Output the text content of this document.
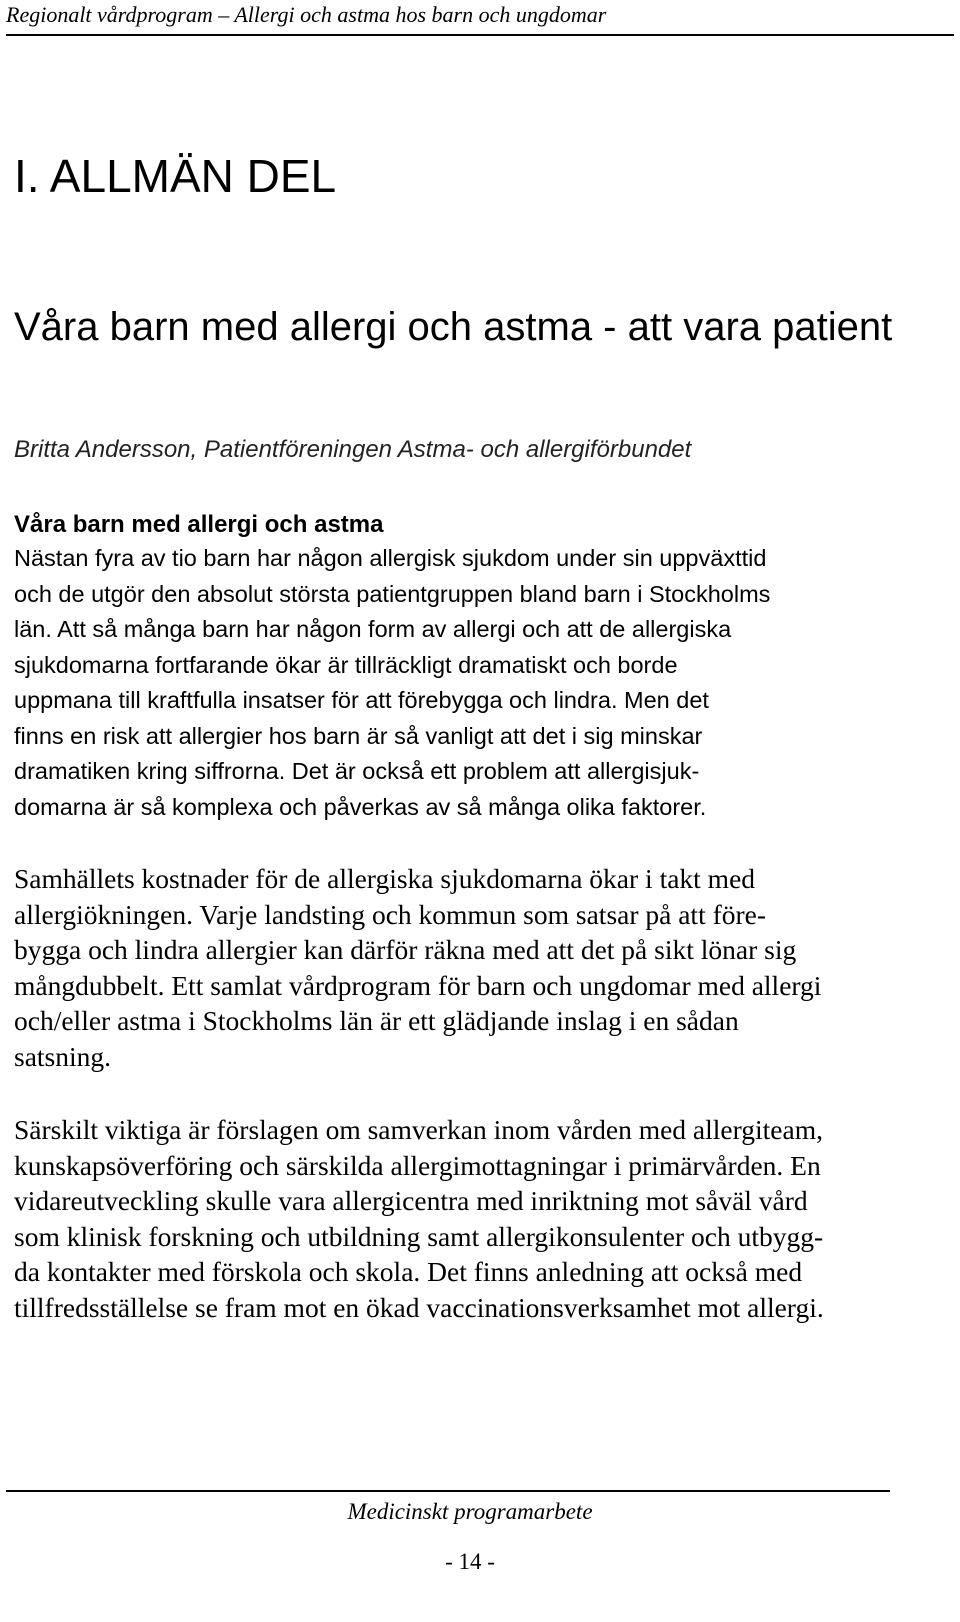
Regionalt vårdprogram – Allergi och astma hos barn och ungdomar
I. ALLMÄN DEL
Våra barn med allergi och astma - att vara patient
Britta Andersson, Patientföreningen Astma- och allergiförbundet
Våra barn med allergi och astma
Nästan fyra av tio barn har någon allergisk sjukdom under sin uppväxttid
och de utgör den absolut största patientgruppen bland barn i Stockholms
län. Att så många barn har någon form av allergi och att de allergiska
sjukdomarna fortfarande ökar är tillräckligt dramatiskt och borde
uppmana till kraftfulla insatser för att förebygga och lindra. Men det
finns en risk att allergier hos barn är så vanligt att det i sig minskar
dramatiken kring siffrorna. Det är också ett problem att allergisjuk-
domarna är så komplexa och påverkas av så många olika faktorer.
Samhällets kostnader för de allergiska sjukdomarna ökar i takt med
allergiökningen. Varje landsting och kommun som satsar på att före-
bygga och lindra allergier kan därför räkna med att det på sikt lönar sig
mångdubbelt. Ett samlat vårdprogram för barn och ungdomar med allergi
och/eller astma i Stockholms län är ett glädjande inslag i en sådan
satsning.
Särskilt viktiga är förslagen om samverkan inom vården med allergiteam,
kunskapsöverföring och särskilda allergimottagningar i primärvården. En
vidareutveckling skulle vara allergicentra med inriktning mot såväl vård
som klinisk forskning och utbildning samt allergikonsulenter och utbygg-
da kontakter med förskola och skola. Det finns anledning att också med
tillfredsställelse se fram mot en ökad vaccinationsverksamhet mot allergi.
Medicinskt programarbete
- 14 -
